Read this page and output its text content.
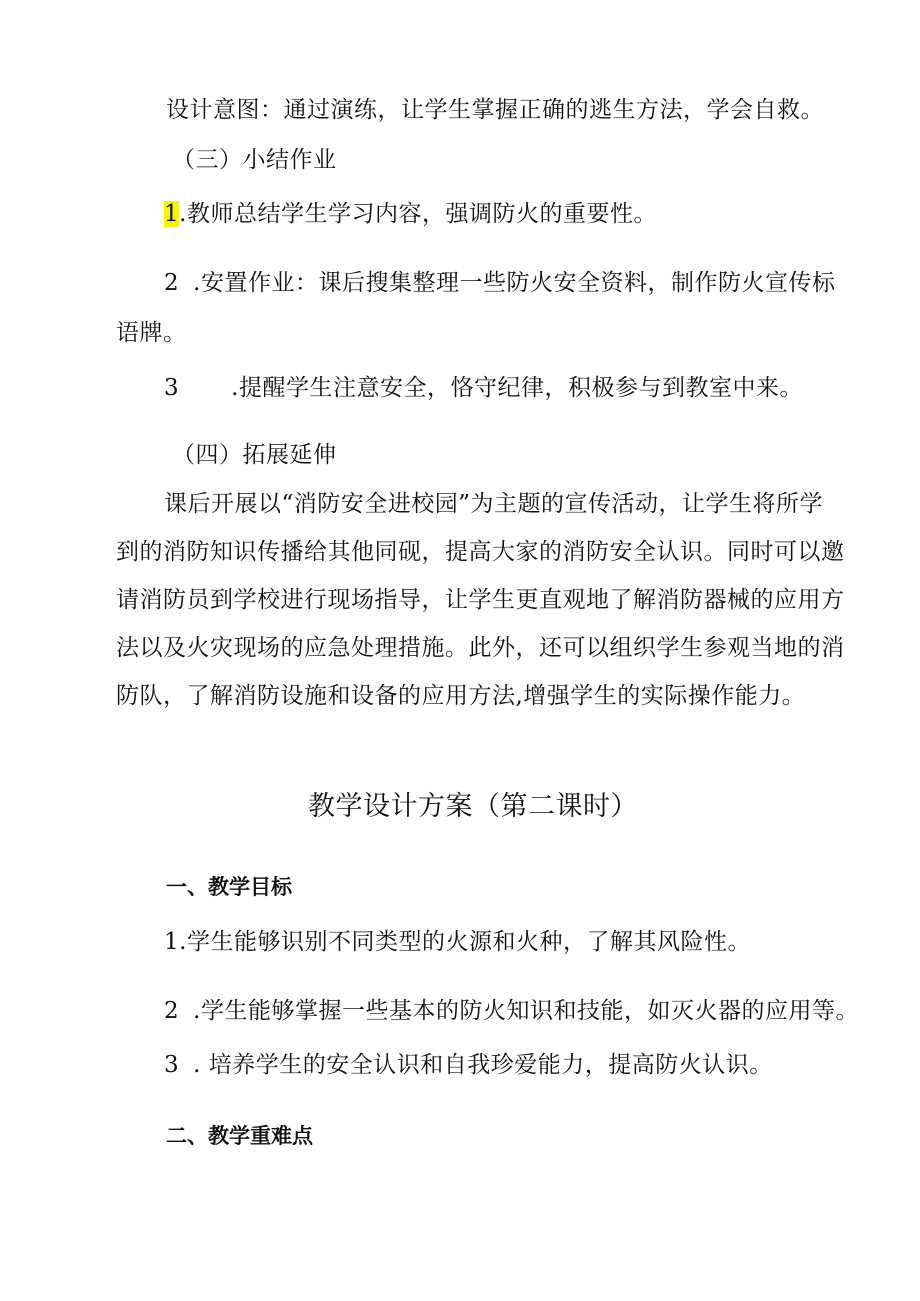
设计意图：通过演练，让学生掌握正确的逃生方法，学会自救。
（三）小结作业
1.教师总结学生学习内容，强调防火的重要性。
2 .安置作业：课后搜集整理一些防火安全资料，制作防火宣传标
语牌。
3 .提醒学生注意安全，恪守纪律，积极参与到教室中来。
（四）拓展延伸
课后开展以“消防安全进校园”为主题的宣传活动，让学生将所学
到的消防知识传播给其他同砚，提高大家的消防安全认识。同时可以邀
请消防员到学校进行现场指导，让学生更直观地了解消防器械的应用方
法以及火灾现场的应急处理措施。此外，还可以组织学生参观当地的消
防队，了解消防设施和设备的应用方法,增强学生的实际操作能力。
教学设计方案（第二课时）
一、教学目标
1.学生能够识别不同类型的火源和火种，了解其风险性。
2 .学生能够掌握一些基本的防火知识和技能，如灭火器的应用等。
3 . 培养学生的安全认识和自我珍爱能力，提高防火认识。
二、教学重难点
